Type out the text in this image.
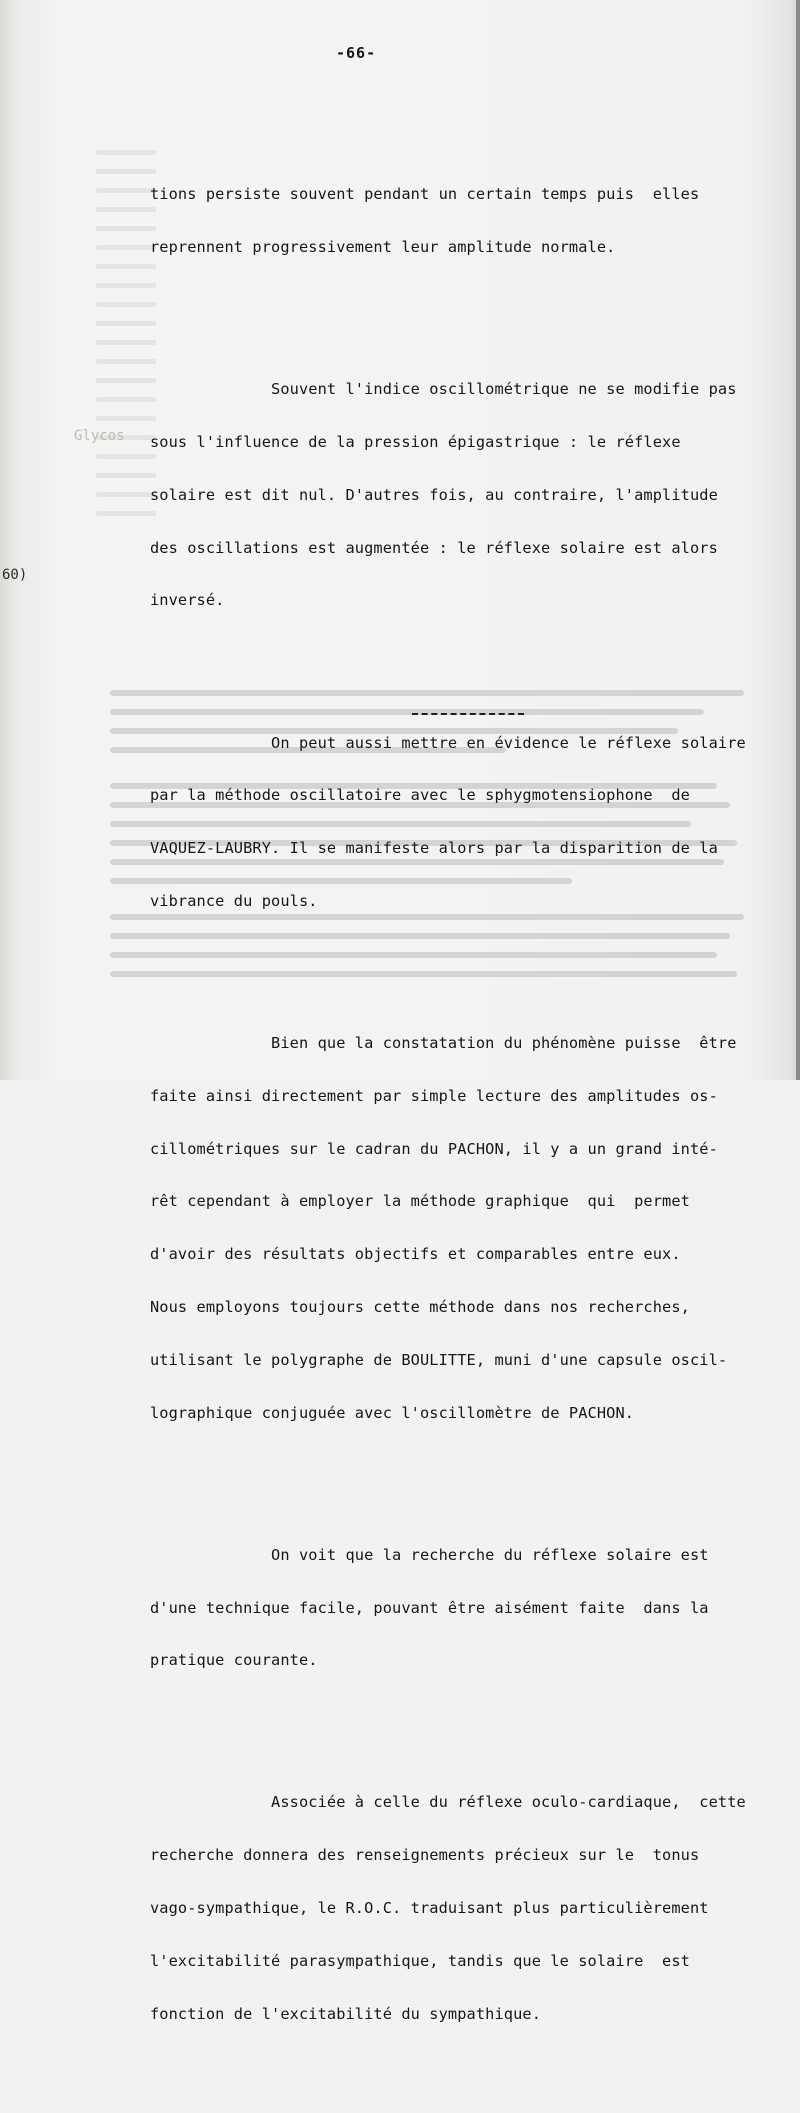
Glycos
-66-

tions persiste souvent pendant un certain temps puis  elles

reprennent progressivement leur amplitude normale.

Souvent l'indice oscillométrique ne se modifie pas

sous l'influence de la pression épigastrique : le réflexe

solaire est dit nul. D'autres fois, au contraire, l'amplitude

des oscillations est augmentée : le réflexe solaire est alors

inversé.

On peut aussi mettre en évidence le réflexe solaire

par la méthode oscillatoire avec le sphygmotensiophone  de

VAQUEZ-LAUBRY. Il se manifeste alors par la disparition de la

vibrance du pouls.

Bien que la constatation du phénomène puisse  être

faite ainsi directement par simple lecture des amplitudes os-

cillométriques sur le cadran du PACHON, il y a un grand inté-

rêt cependant à employer la méthode graphique  qui  permet

d'avoir des résultats objectifs et comparables entre eux.

Nous employons toujours cette méthode dans nos recherches,

utilisant le polygraphe de BOULITTE, muni d'une capsule oscil-

lographique conjuguée avec l'oscillomètre de PACHON.

On voit que la recherche du réflexe solaire est

d'une technique facile, pouvant être aisément faite  dans la

pratique courante.

Associée à celle du réflexe oculo-cardiaque,  cette

recherche donnera des renseignements précieux sur le  tonus

vago-sympathique, le R.O.C. traduisant plus particulièrement

l'excitabilité parasympathique, tandis que le solaire  est

fonction de l'excitabilité du sympathique.

60)
